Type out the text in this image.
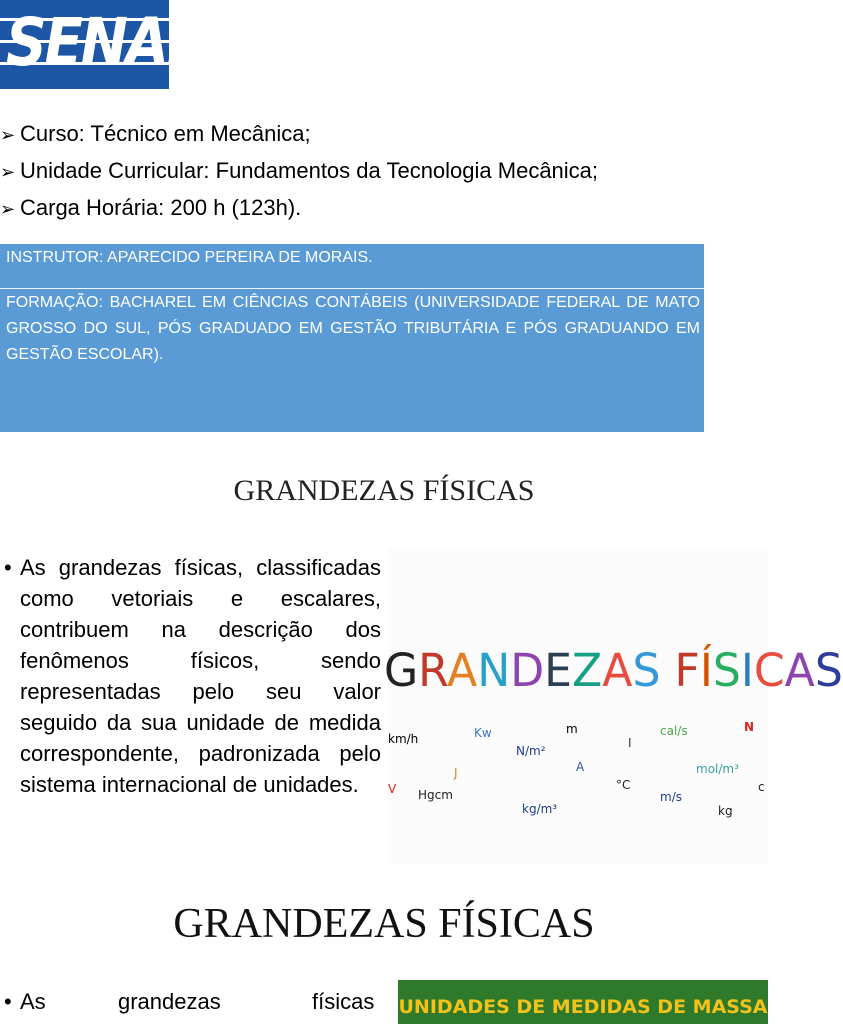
SENAI
➢ Curso: Técnico em Mecânica;
➢ Unidade Curricular: Fundamentos da Tecnologia Mecânica;
➢ Carga Horária: 200 h (123h).
INSTRUTOR: APARECIDO PEREIRA DE MORAIS.
FORMAÇÃO: BACHAREL EM CIÊNCIAS CONTÁBEIS (UNIVERSIDADE FEDERAL DE MATO GROSSO DO SUL, PÓS GRADUADO EM GESTÃO TRIBUTÁRIA E PÓS GRADUANDO EM GESTÃO ESCOLAR).
GRANDEZAS FÍSICAS
• As grandezas físicas, classificadas como vetoriais e escalares, contribuem na descrição dos fenômenos físicos, sendo representadas pelo seu valor seguido da sua unidade de medida correspondente, padronizada pelo sistema internacional de unidades.
GRANDEZAS FÍSICAS
km/h	Kw	m	cal/s	N
N/m²
I
mol/m³
J	A
V Hgcm
°C
m/s
c
kg/m³	kg
GRANDEZAS FÍSICAS
• As	grandezas	físicas UNIDADES DE MEDIDAS DE MASSA
